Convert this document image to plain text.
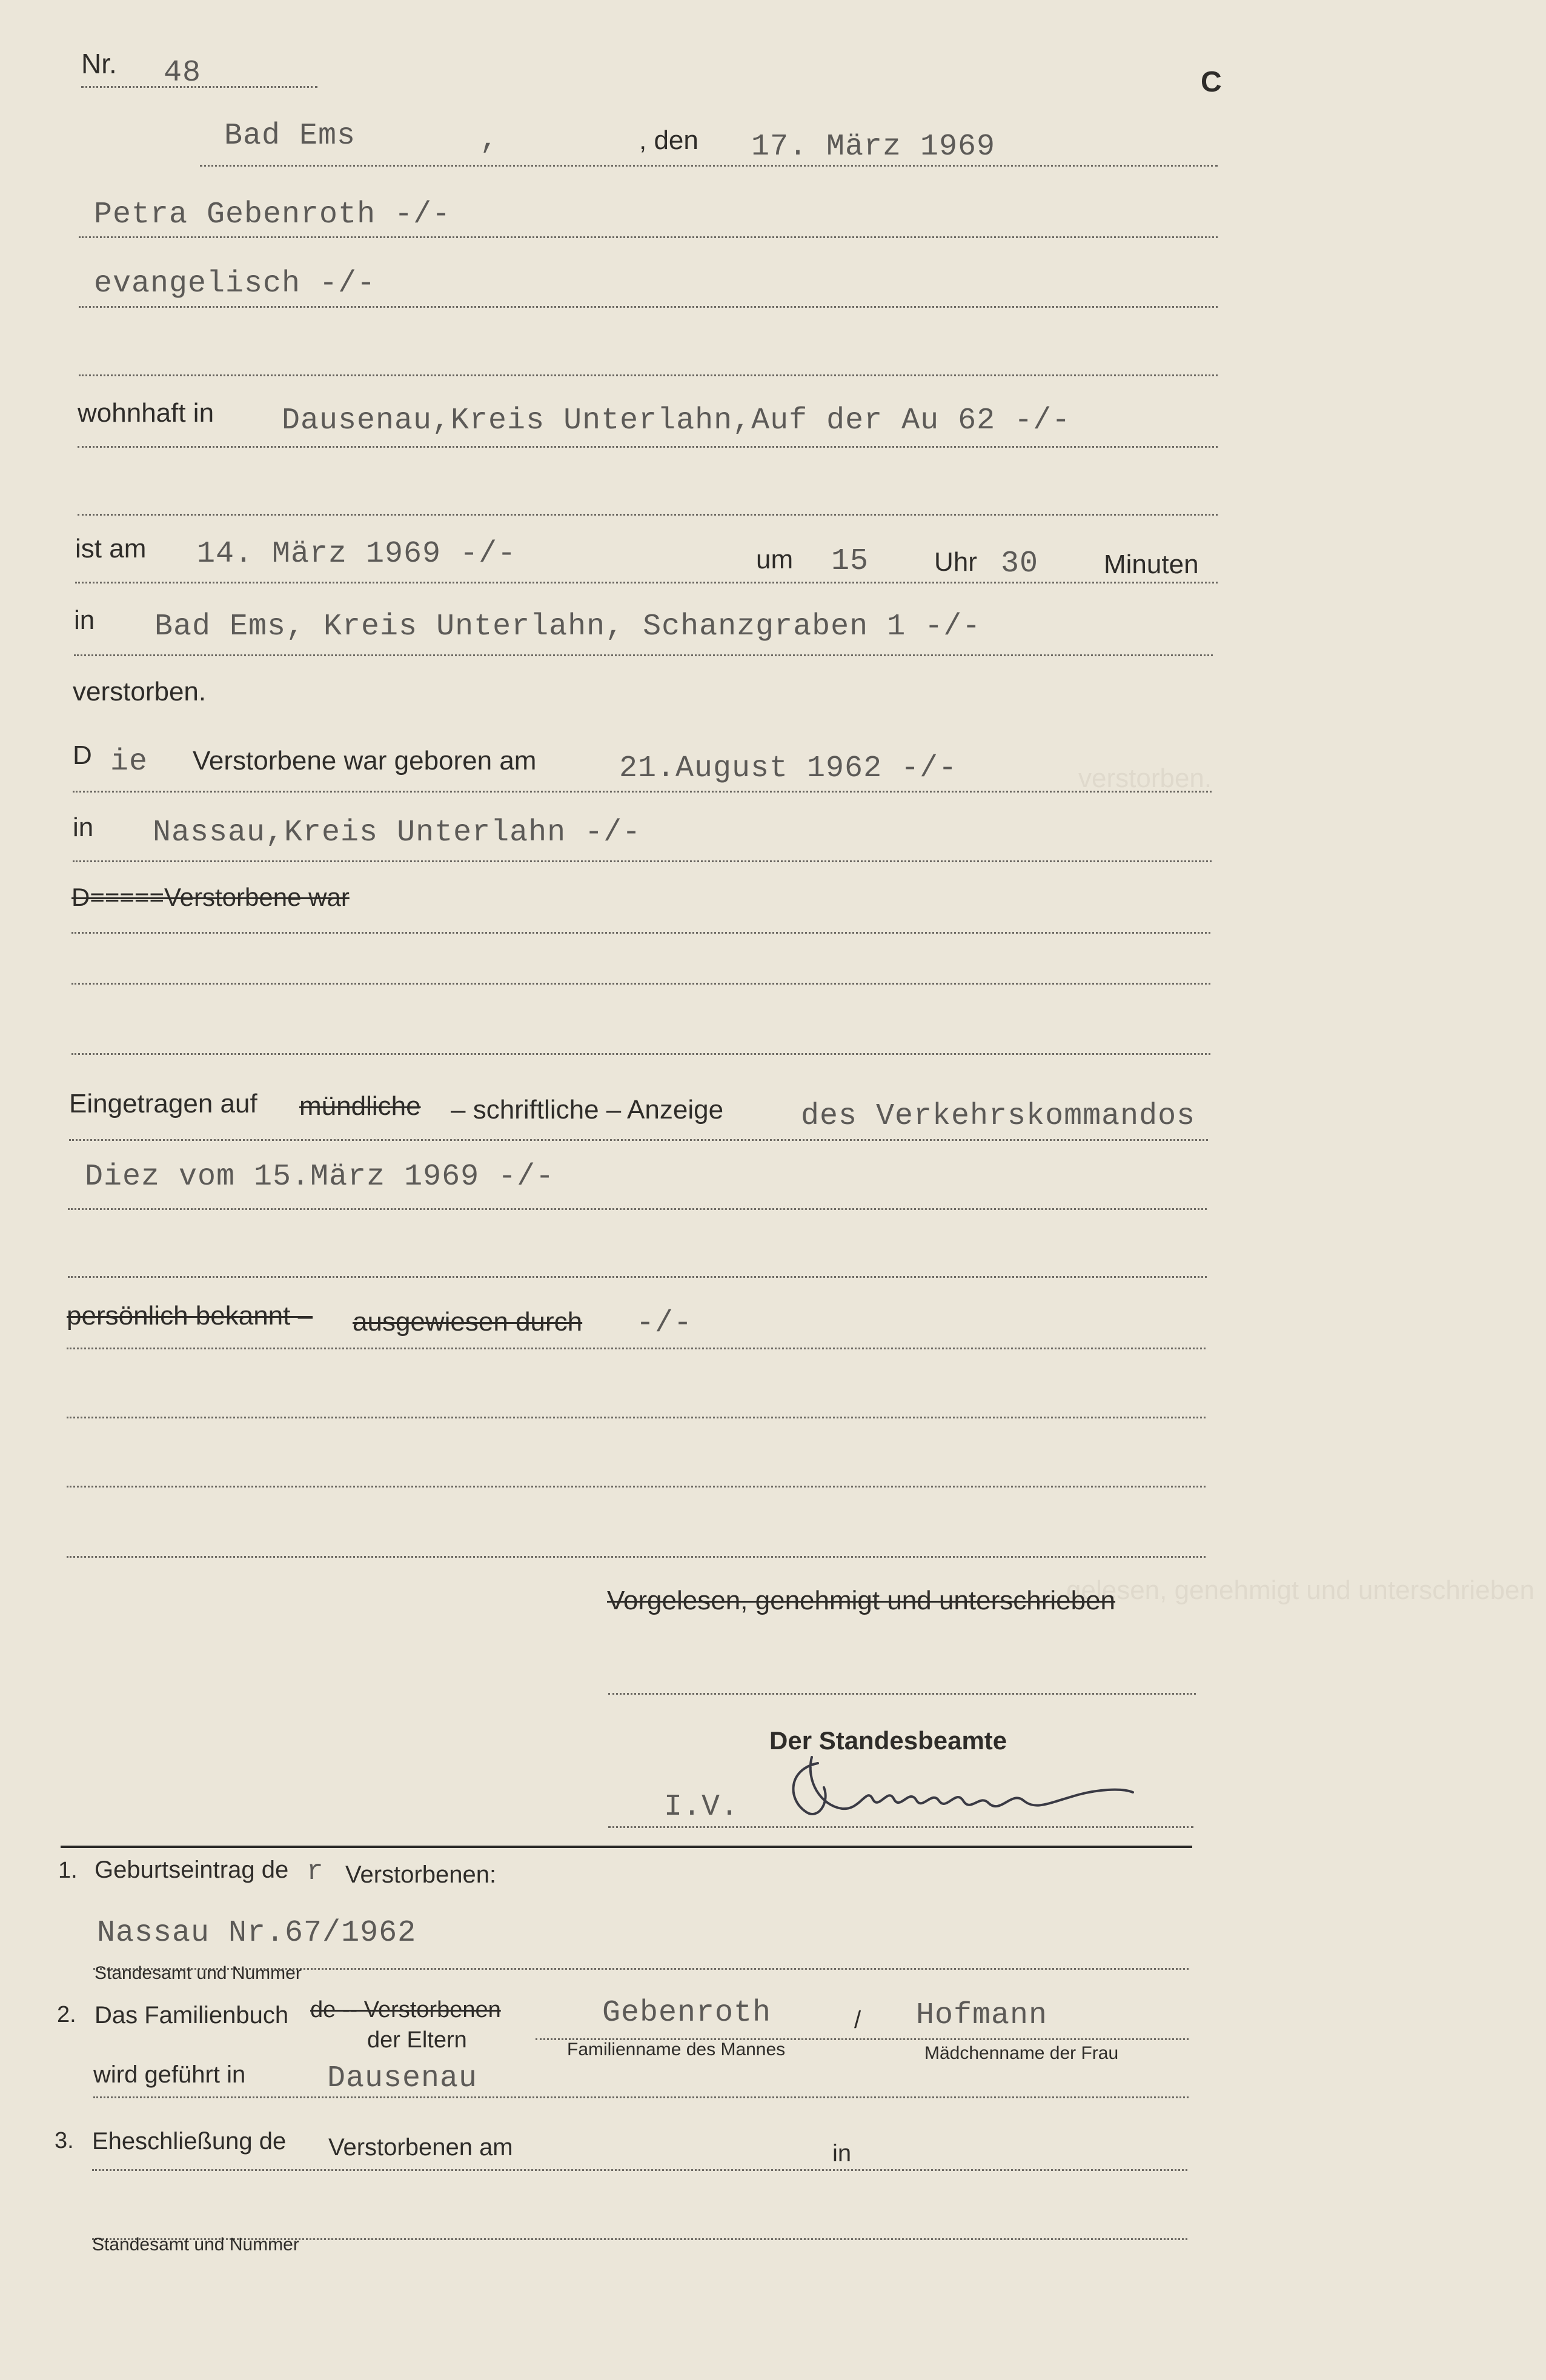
verstorben.
gelesen, genehmigt und unterschrieben
Nr. 48	C
Bad Ems	,	, den 17. März 1969
Petra Gebenroth -/-
evangelisch -/-
wohnhaft in Dausenau,Kreis Unterlahn,Auf der Au 62 -/-
ist am 14. März 1969 -/-	um 15 Uhr 30 Minuten
in Bad Ems, Kreis Unterlahn, Schanzgraben 1 -/-
verstorben.
D ie Verstorbene war geboren am	21.August 1962 -/-
in Nassau,Kreis Unterlahn -/-
D=====Verstorbene war
Eingetragen auf mündliche – schriftliche – Anzeige	des Verkehrskommandos
Diez vom 15.März 1969 -/-
persönlich bekannt – ausgewiesen durch -/-
Vorgelesen, genehmigt und unterschrieben
Der Standesbeamte
I.V.
1. Geburtseintrag de r Verstorbenen:
Nassau Nr.67/1962
Standesamt und Nummer
2. Das Familienbuch de -- Verstorbenen
der Eltern
Gebenroth	/ Hofmann
Familienname des Mannes	Mädchenname der Frau
wird geführt in	Dausenau
3. Eheschließung de Verstorbenen am	in
Standesamt und Nummer
